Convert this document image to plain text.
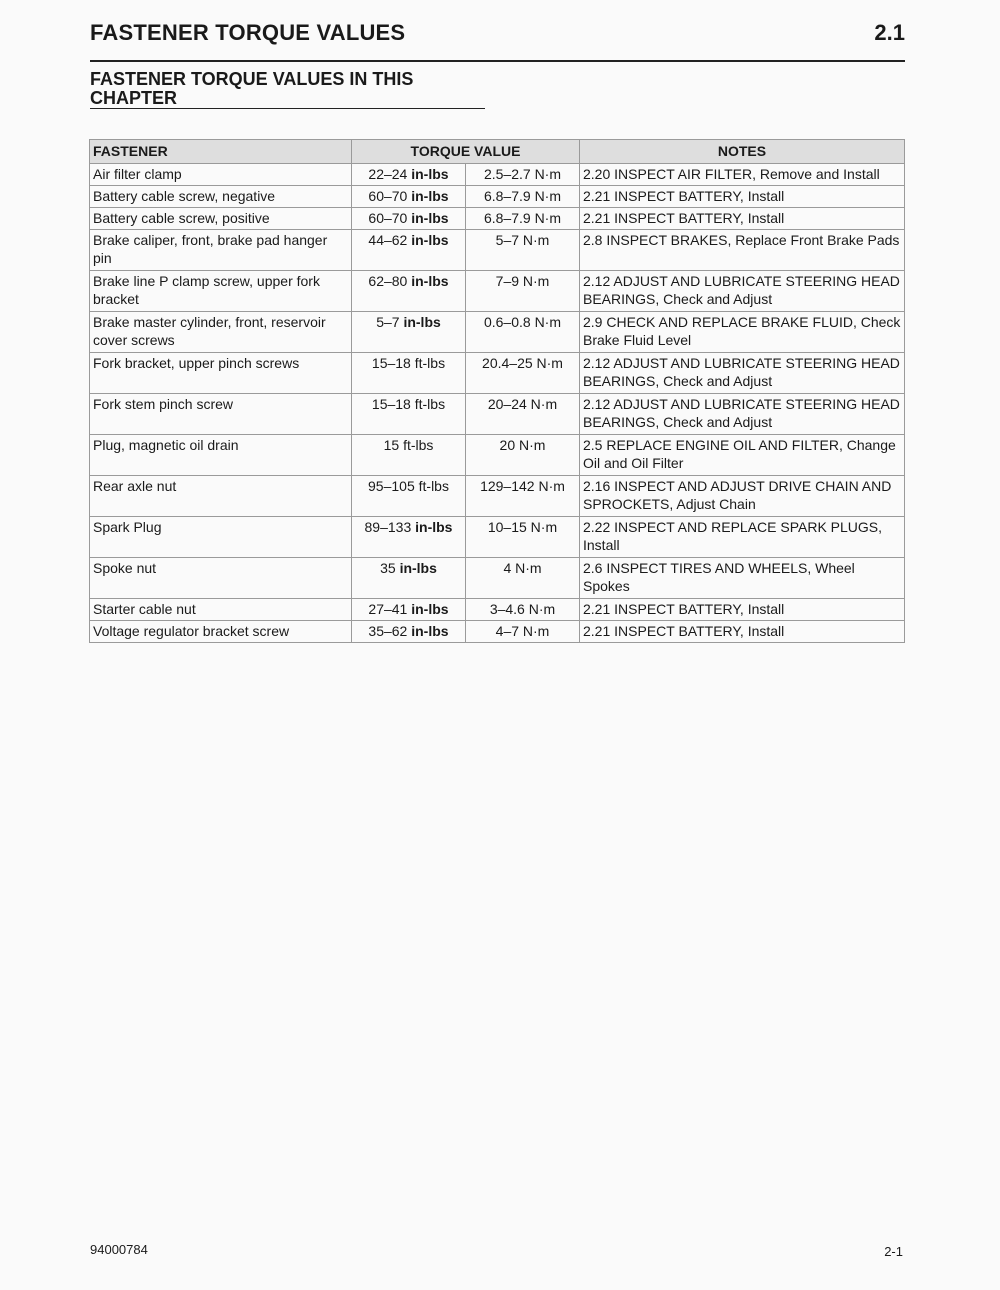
FASTENER TORQUE VALUES	2.1
FASTENER TORQUE VALUES IN THIS
CHAPTER
FASTENER	TORQUE VALUE		NOTES
Air filter clamp	22–24 in-lbs	2.5–2.7 N·m	2.20 INSPECT AIR FILTER, Remove and Install
Battery cable screw, negative	60–70 in-lbs	6.8–7.9 N·m	2.21 INSPECT BATTERY, Install
Battery cable screw, positive	60–70 in-lbs	6.8–7.9 N·m	2.21 INSPECT BATTERY, Install
Brake caliper, front, brake pad hanger pin	44–62 in-lbs	5–7 N·m	2.8 INSPECT BRAKES, Replace Front Brake Pads
Brake line P clamp screw, upper fork bracket	62–80 in-lbs	7–9 N·m	2.12 ADJUST AND LUBRICATE STEERING HEAD BEARINGS, Check and Adjust
Brake master cylinder, front, reservoir cover screws	5–7 in-lbs	0.6–0.8 N·m	2.9 CHECK AND REPLACE BRAKE FLUID, Check Brake Fluid Level
Fork bracket, upper pinch screws	15–18 ft-lbs	20.4–25 N·m	2.12 ADJUST AND LUBRICATE STEERING HEAD BEARINGS, Check and Adjust
Fork stem pinch screw	15–18 ft-lbs	20–24 N·m	2.12 ADJUST AND LUBRICATE STEERING HEAD BEARINGS, Check and Adjust
Plug, magnetic oil drain	15 ft-lbs	20 N·m	2.5 REPLACE ENGINE OIL AND FILTER, Change Oil and Oil Filter
Rear axle nut	95–105 ft-lbs	129–142 N·m	2.16 INSPECT AND ADJUST DRIVE CHAIN AND SPROCKETS, Adjust Chain
Spark Plug	89–133 in-lbs	10–15 N·m	2.22 INSPECT AND REPLACE SPARK PLUGS, Install
Spoke nut	35 in-lbs	4 N·m	2.6 INSPECT TIRES AND WHEELS, Wheel Spokes
Starter cable nut	27–41 in-lbs	3–4.6 N·m	2.21 INSPECT BATTERY, Install
Voltage regulator bracket screw	35–62 in-lbs	4–7 N·m	2.21 INSPECT BATTERY, Install
94000784	2-1
